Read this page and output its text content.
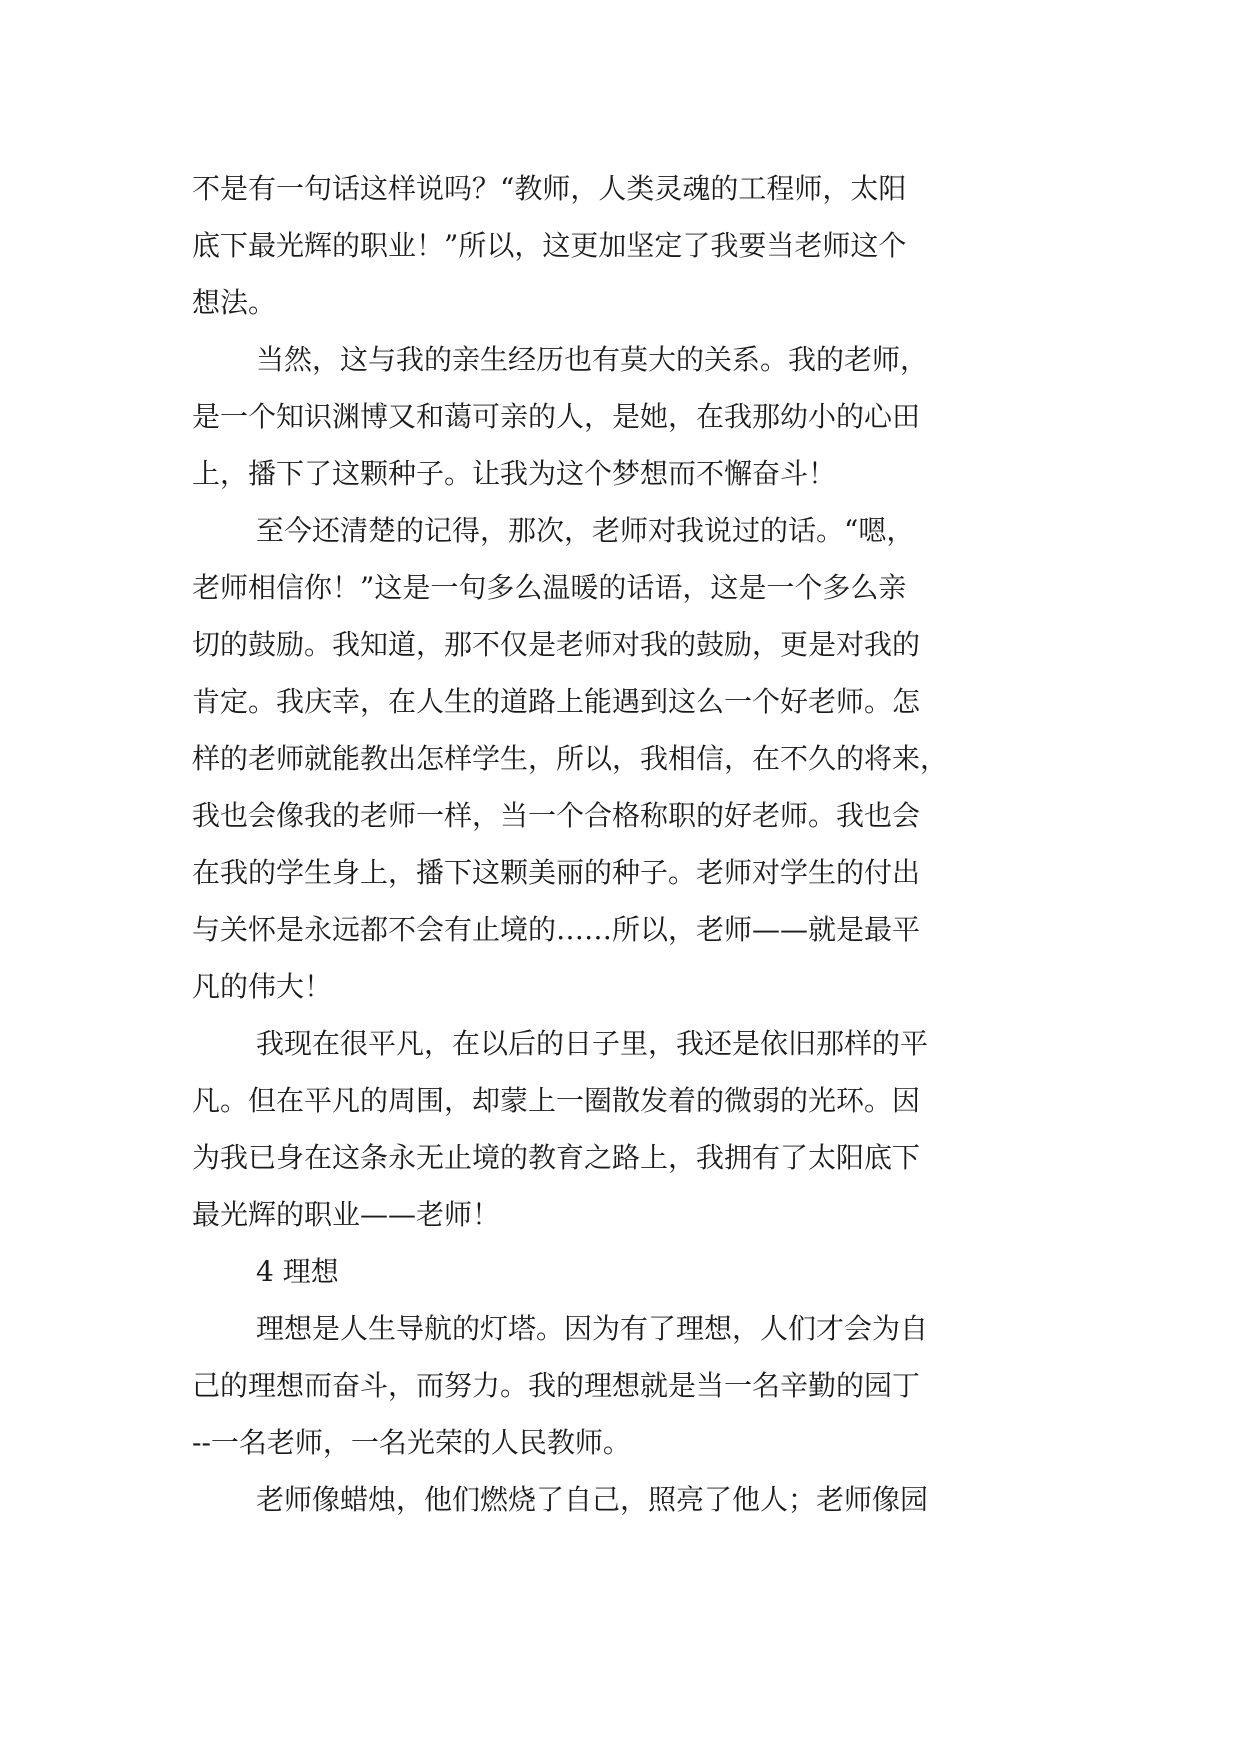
不是有一句话这样说吗？“教师，人类灵魂的工程师，太阳
底下最光辉的职业！”所以，这更加坚定了我要当老师这个
想法。
当然，这与我的亲生经历也有莫大的关系。我的老师，
是一个知识渊博又和蔼可亲的人，是她，在我那幼小的心田
上，播下了这颗种子。让我为这个梦想而不懈奋斗！
至今还清楚的记得，那次，老师对我说过的话。“嗯，
老师相信你！”这是一句多么温暖的话语，这是一个多么亲
切的鼓励。我知道，那不仅是老师对我的鼓励，更是对我的
肯定。我庆幸，在人生的道路上能遇到这么一个好老师。怎
样的老师就能教出怎样学生，所以，我相信，在不久的将来，
我也会像我的老师一样，当一个合格称职的好老师。我也会
在我的学生身上，播下这颗美丽的种子。老师对学生的付出
与关怀是永远都不会有止境的……所以，老师——就是最平
凡的伟大！
我现在很平凡，在以后的日子里，我还是依旧那样的平
凡。但在平凡的周围，却蒙上一圈散发着的微弱的光环。因
为我已身在这条永无止境的教育之路上，我拥有了太阳底下
最光辉的职业——老师！
4 理想
理想是人生导航的灯塔。因为有了理想，人们才会为自
己的理想而奋斗，而努力。我的理想就是当一名辛勤的园丁
--一名老师，一名光荣的人民教师。
老师像蜡烛，他们燃烧了自己，照亮了他人；老师像园
